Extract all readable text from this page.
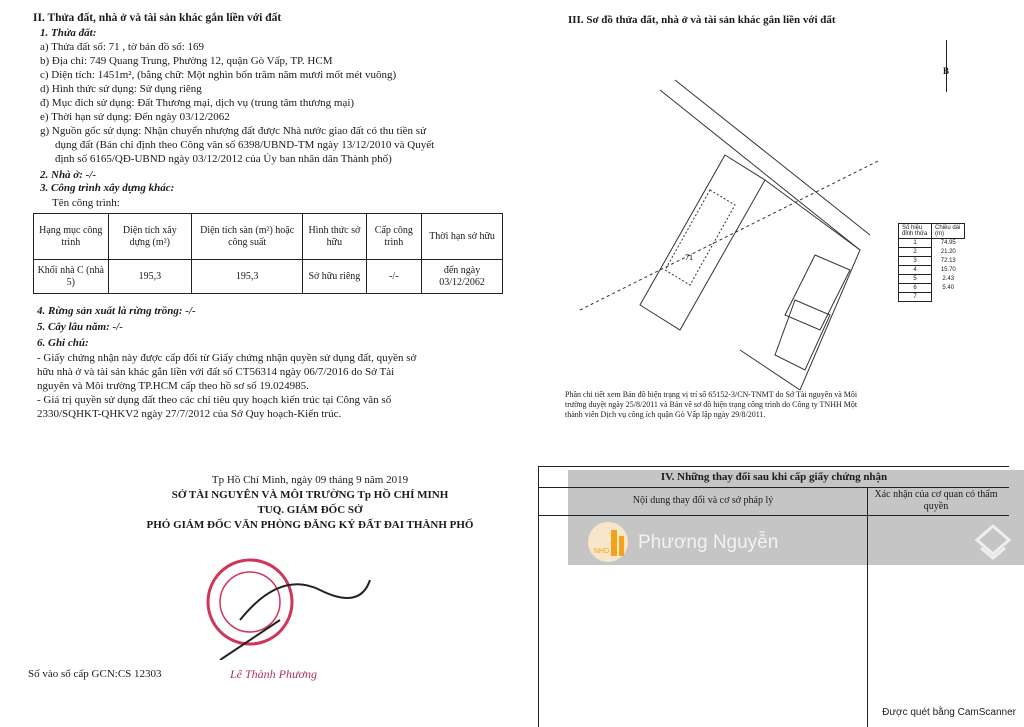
II. Thửa đất, nhà ở và tài sản khác gắn liền với đất
1. Thửa đất:
a) Thửa đất số: 71 , tờ bản đồ số: 169
b) Địa chỉ: 749 Quang Trung, Phường 12, quận Gò Vấp, TP. HCM
c) Diện tích: 1451m², (bằng chữ: Một nghìn bốn trăm năm mươi mốt mét vuông)
d) Hình thức sử dụng: Sử dụng riêng
đ) Mục đích sử dụng: Đất Thương mại, dịch vụ (trung tâm thương mại)
e) Thời hạn sử dụng: Đến ngày 03/12/2062
g) Nguồn gốc sử dụng: Nhận chuyển nhượng đất được Nhà nước giao đất có thu tiền sử
dụng đất (Bán chỉ định theo Công văn số 6398/UBND-TM ngày 13/12/2010 và Quyết
định số 6165/QĐ-UBND ngày 03/12/2012 của Ủy ban nhân dân Thành phố)
2. Nhà ở: -/-
3. Công trình xây dựng khác:
Tên công trình:
Hạng mục công trình	Diện tích xây dựng (m²)	Diện tích sàn (m²) hoặc công suất	Hình thức sở hữu	Cấp công trình	Thời hạn sở hữu
Khối nhà C (nhà 5)	195,3	195,3	Sở hữu riêng	-/-	đến ngày 03/12/2062
4. Rừng sản xuất là rừng trồng: -/-
5. Cây lâu năm: -/-
6. Ghi chú:
- Giấy chứng nhận này được cấp đổi từ Giấy chứng nhận quyền sử dụng đất, quyền sở
hữu nhà ở và tài sản khác gắn liền với đất số CT56314 ngày 06/7/2016 do Sở Tài
nguyên và Môi trường TP.HCM cấp theo hồ sơ số 19.024985.
- Giá trị quyền sử dụng đất theo các chỉ tiêu quy hoạch kiến trúc tại Công văn số
2330/SQHKT-QHKV2 ngày 27/7/2012 của Sở Quy hoạch-Kiến trúc.
Tp Hồ Chí Minh, ngày 09 tháng 9 năm 2019
SỞ TÀI NGUYÊN VÀ MÔI TRƯỜNG Tp HỒ CHÍ MINH
TUQ. GIÁM ĐỐC SỞ
PHÓ GIÁM ĐỐC VĂN PHÒNG ĐĂNG KÝ ĐẤT ĐAI THÀNH PHỐ
Lê Thành Phương
Số vào sổ cấp GCN:CS 12303
III. Sơ đồ thửa đất, nhà ở và tài sản khác gắn liền với đất
B
71
Số hiệu đỉnh thửa	Chiều dài (m)
1	74.95
2	21.20
3	72.13
4	15.70
5	2.43
6	5.40
7	
Phần chi tiết xem Bản đồ hiện trạng vị trí số 65152-3/CN-TNMT do Sở Tài nguyên và Môi
trường duyệt ngày 25/8/2011 và Bản vẽ sơ đồ hiện trạng công trình do Công ty TNHH Một
thành viên Dịch vụ công ích quận Gò Vấp lập ngày 29/8/2011.
NHD Phương Nguyễn
IV. Những thay đổi sau khi cấp giấy chứng nhận
Nội dung thay đổi và cơ sở pháp lý
Xác nhận của cơ quan có thẩm quyền
Được quét bằng CamScanner
